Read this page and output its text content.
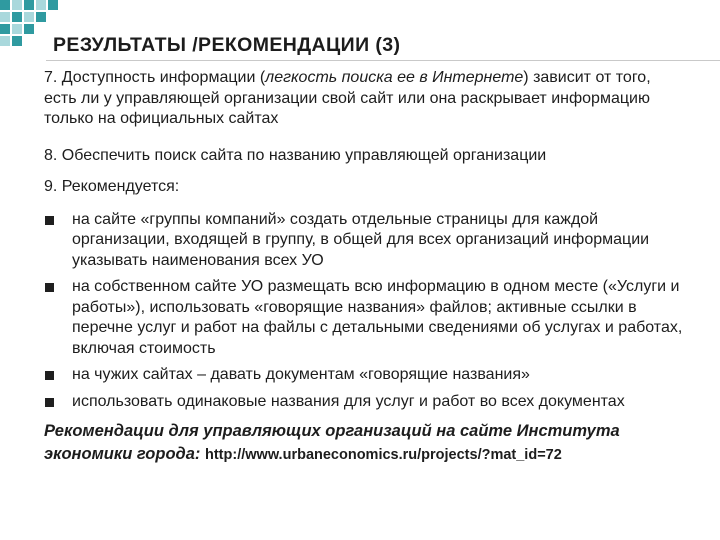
РЕЗУЛЬТАТЫ /РЕКОМЕНДАЦИИ (3)

7. Доступность информации (легкость поиска ее в Интернете) зависит от того, есть ли у управляющей организации свой сайт или она раскрывает информацию только на официальных сайтах

8. Обеспечить поиск сайта по названию управляющей организации

9. Рекомендуется:

на сайте «группы компаний» создать отдельные страницы для каждой организации, входящей в группу, в общей для всех организаций информации указывать наименования всех УО
на собственном сайте УО размещать всю информацию в одном месте («Услуги и работы»), использовать «говорящие названия» файлов; активные ссылки в перечне услуг и работ на файлы с детальными сведениями об услугах и работах, включая стоимость
на чужих сайтах – давать документам «говорящие названия»
использовать одинаковые названия для услуг и работ во всех документах

Рекомендации для управляющих организаций на сайте Института экономики города: http://www.urbaneconomics.ru/projects/?mat_id=72
